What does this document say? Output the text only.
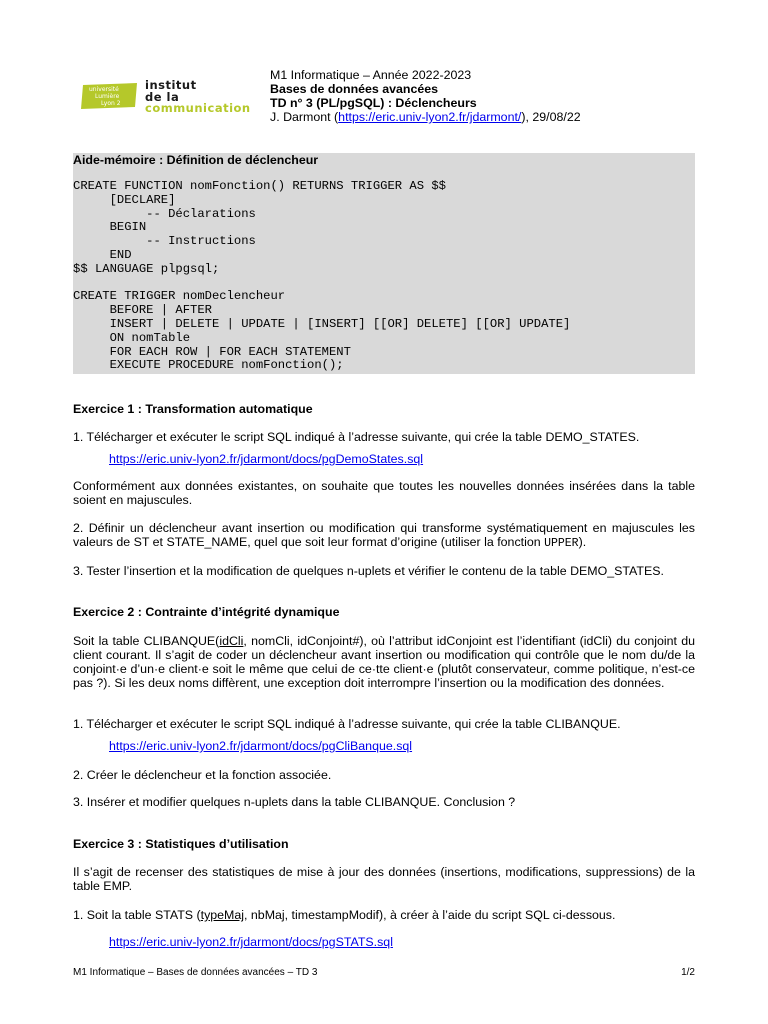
université
Lumière
Lyon 2
institut
de la
communication
M1 Informatique – Année 2022-2023
Bases de données avancées
TD n° 3 (PL/pgSQL) : Déclencheurs
J. Darmont (https://eric.univ-lyon2.fr/jdarmont/), 29/08/22
Aide-mémoire : Définition de déclencheur
CREATE FUNCTION nomFonction() RETURNS TRIGGER AS $$
[DECLARE]
-- Déclarations
BEGIN
-- Instructions
END
$$ LANGUAGE plpgsql;

CREATE TRIGGER nomDeclencheur
BEFORE | AFTER
INSERT | DELETE | UPDATE | [INSERT] [[OR] DELETE] [[OR] UPDATE]
ON nomTable
FOR EACH ROW | FOR EACH STATEMENT
EXECUTE PROCEDURE nomFonction();
Exercice 1 : Transformation automatique
1. Télécharger et exécuter le script SQL indiqué à l’adresse suivante, qui crée la table DEMO_STATES.
https://eric.univ-lyon2.fr/jdarmont/docs/pgDemoStates.sql
Conformément aux données existantes, on souhaite que toutes les nouvelles données insérées dans la table soient en majuscules.
2. Définir un déclencheur avant insertion ou modification qui transforme systématiquement en majuscules les valeurs de ST et STATE_NAME, quel que soit leur format d’origine (utiliser la fonction UPPER).
3. Tester l’insertion et la modification de quelques n-uplets et vérifier le contenu de la table DEMO_STATES.
Exercice 2 : Contrainte d’intégrité dynamique
Soit la table CLIBANQUE(idCli, nomCli, idConjoint#), où l’attribut idConjoint est l’identifiant (idCli) du conjoint du client courant. Il s’agit de coder un déclencheur avant insertion ou modification qui contrôle que le nom du/de la conjoint·e d’un·e client·e soit le même que celui de ce·tte client·e (plutôt conservateur, comme politique, n’est-ce pas ?). Si les deux noms diffèrent, une exception doit interrompre l’insertion ou la modification des données.
1. Télécharger et exécuter le script SQL indiqué à l’adresse suivante, qui crée la table CLIBANQUE.
https://eric.univ-lyon2.fr/jdarmont/docs/pgCliBanque.sql
2. Créer le déclencheur et la fonction associée.
3. Insérer et modifier quelques n-uplets dans la table CLIBANQUE. Conclusion ?
Exercice 3 : Statistiques d’utilisation
Il s’agit de recenser des statistiques de mise à jour des données (insertions, modifications, suppressions) de la table EMP.
1. Soit la table STATS (typeMaj, nbMaj, timestampModif), à créer à l’aide du script SQL ci-dessous.
https://eric.univ-lyon2.fr/jdarmont/docs/pgSTATS.sql
M1 Informatique – Bases de données avancées – TD 3	1/2
